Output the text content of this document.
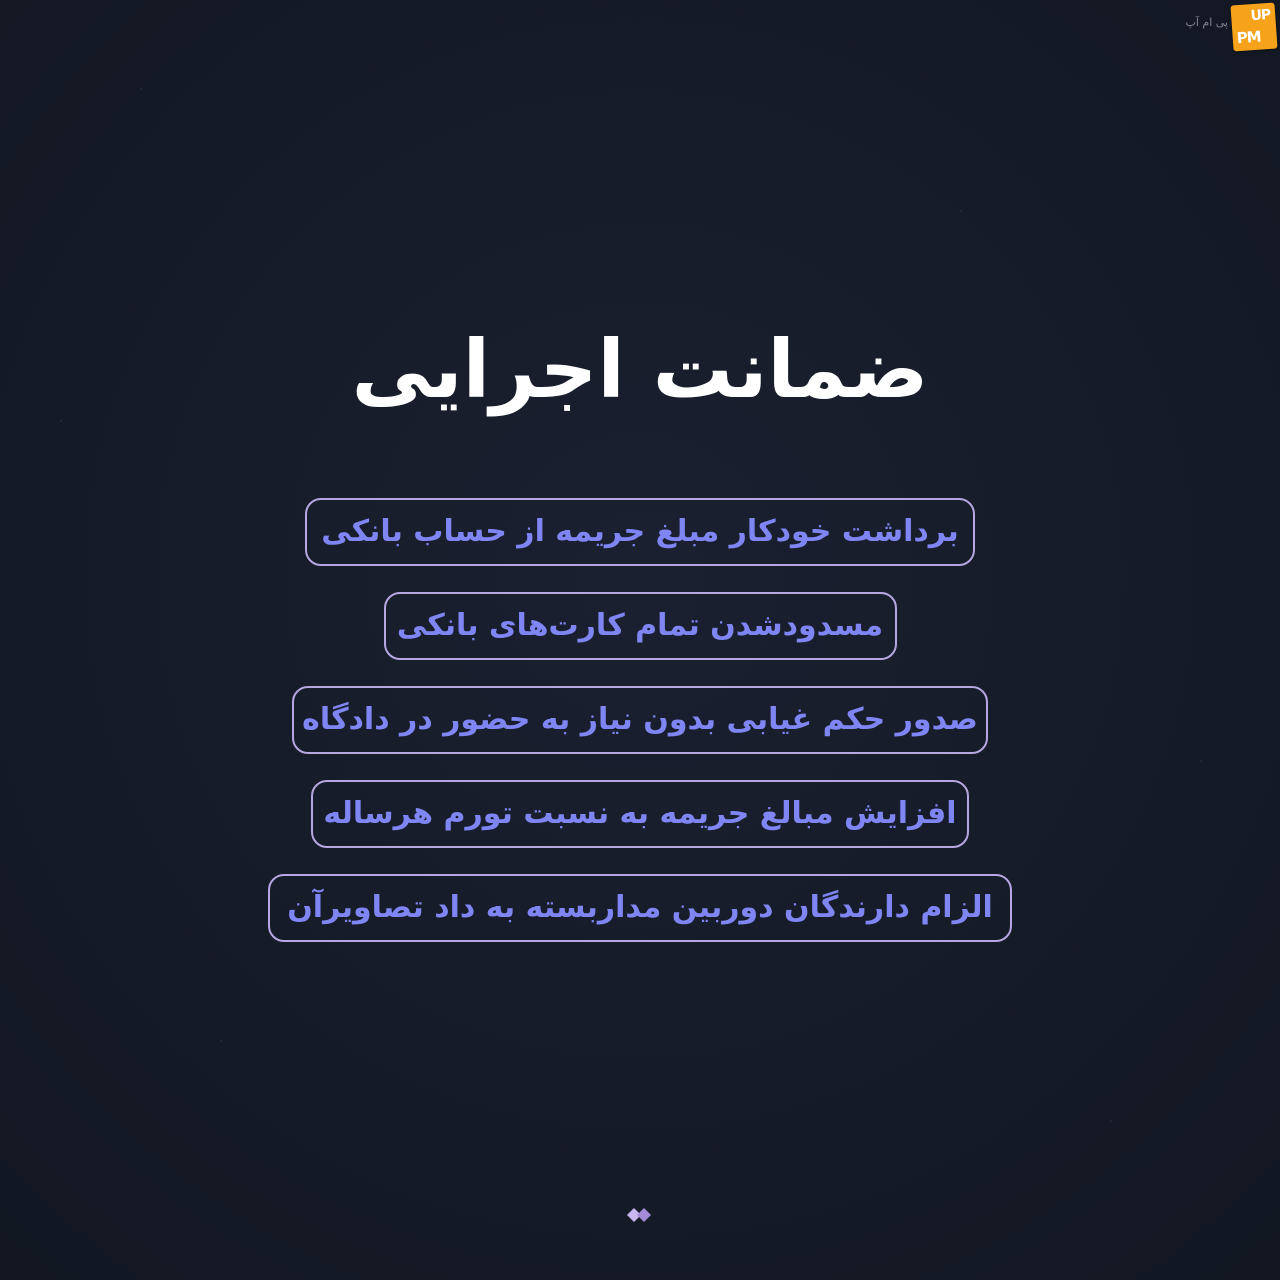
پی ام آپ UP
PM
ضمانت اجرایی
برداشت خودکار مبلغ جریمه از حساب بانکی
مسدودشدن تمام کارت‌های بانکی
صدور حکم غیابی بدون نیاز به حضور در دادگاه
افزایش مبالغ جریمه به نسبت تورم هرساله
الزام دارندگان دوربین مداربسته به داد تصاویرآن
